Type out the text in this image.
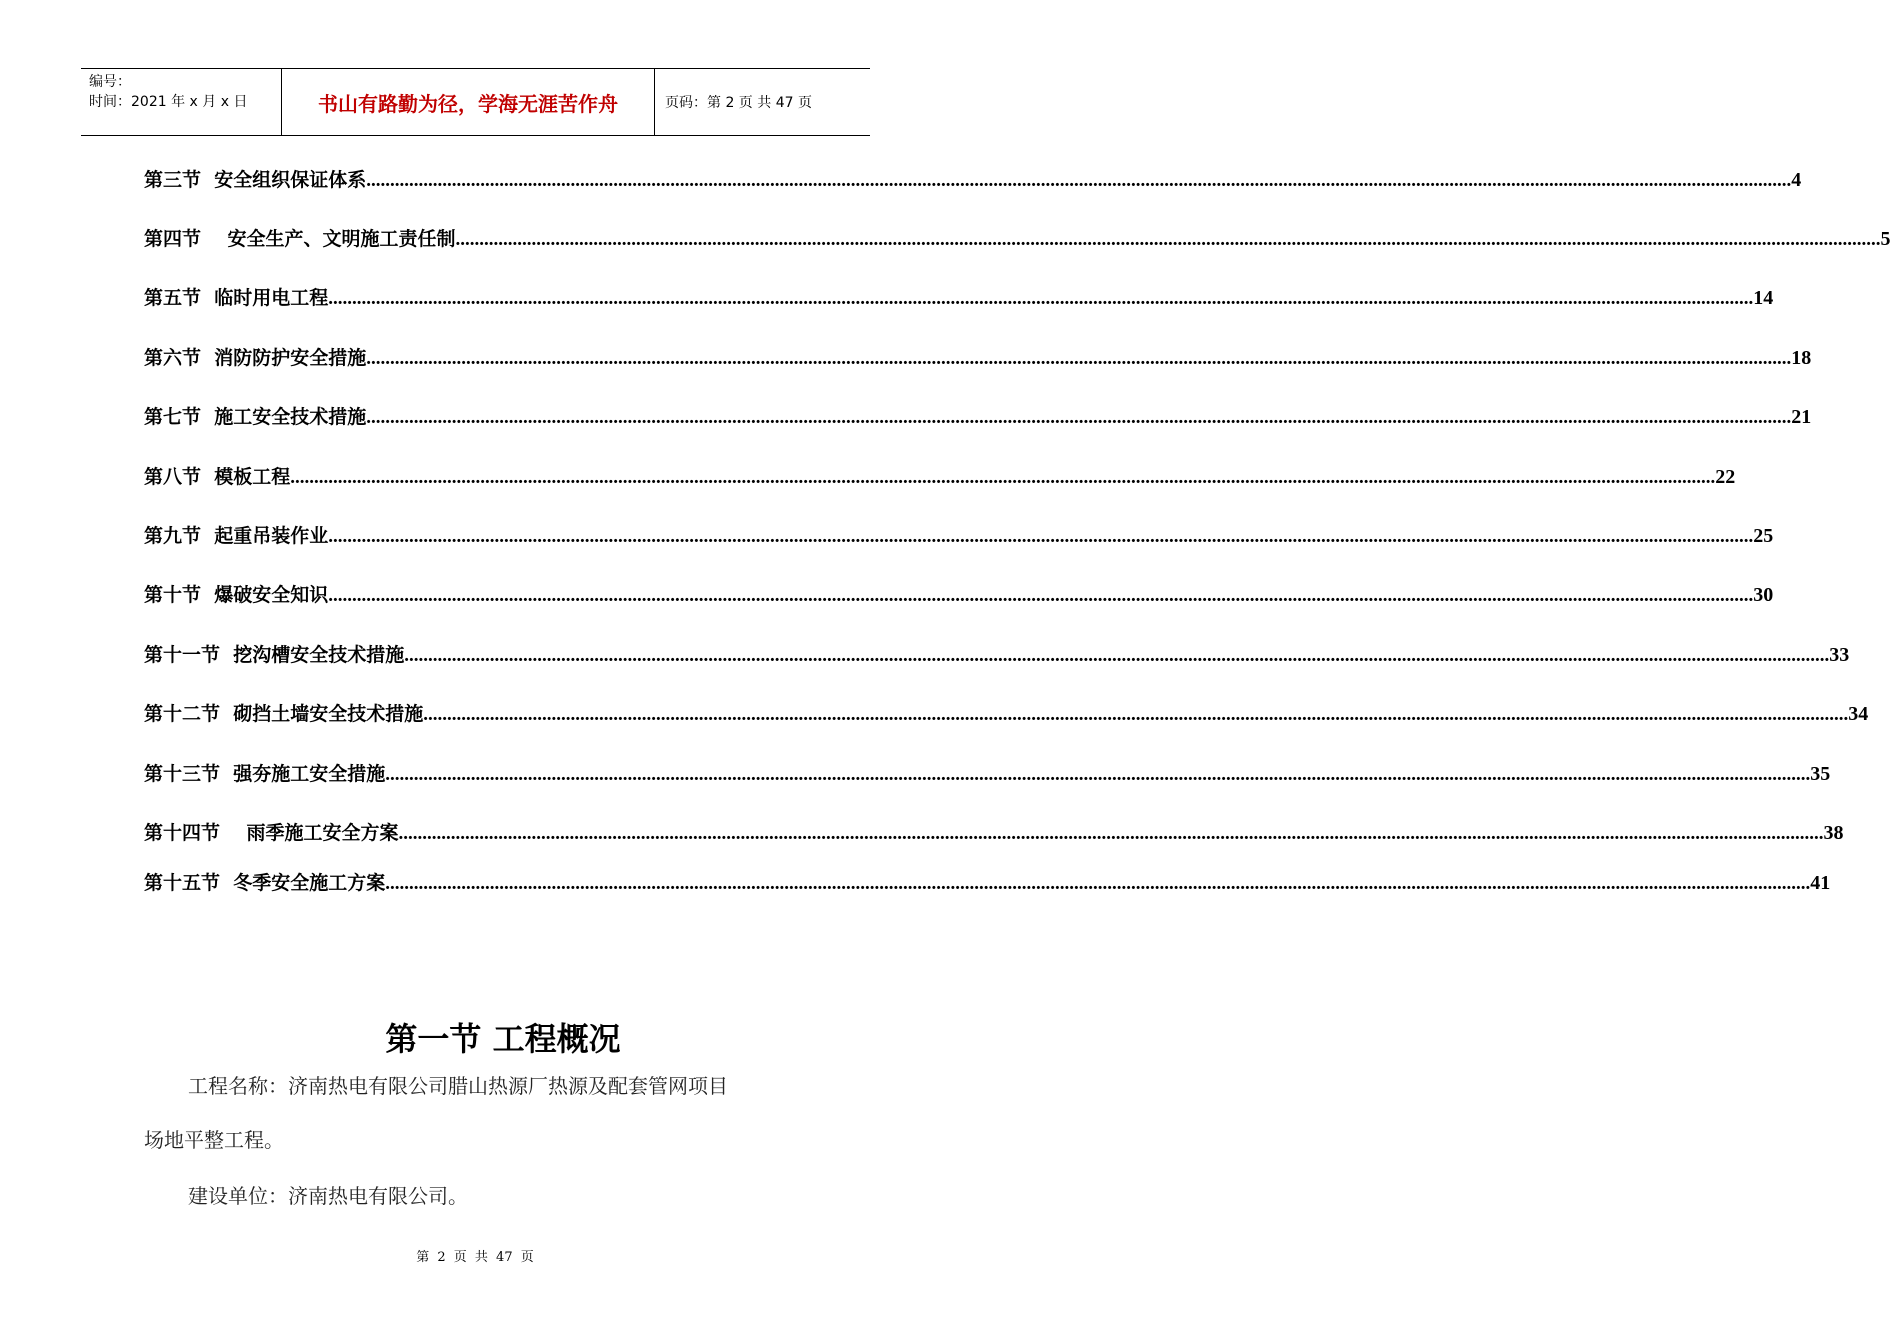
编号：
时间：2021 年 x 月 x 日	书山有路勤为径，学海无涯苦作舟	页码：第 2 页 共 47 页
第三节  安全组织保证体系 ............................................................................................................................................................................................................................................................................................................ 4
第四节    安全生产、文明施工责任制 ............................................................................................................................................................................................................................................................................................................ 5
第五节  临时用电工程 ............................................................................................................................................................................................................................................................................................................ 14
第六节  消防防护安全措施 ............................................................................................................................................................................................................................................................................................................ 18
第七节  施工安全技术措施 ............................................................................................................................................................................................................................................................................................................ 21
第八节  模板工程 ............................................................................................................................................................................................................................................................................................................ 22
第九节  起重吊装作业 ............................................................................................................................................................................................................................................................................................................ 25
第十节  爆破安全知识 ............................................................................................................................................................................................................................................................................................................ 30
第十一节  挖沟槽安全技术措施 ............................................................................................................................................................................................................................................................................................................ 33
第十二节  砌挡土墙安全技术措施 ............................................................................................................................................................................................................................................................................................................ 34
第十三节  强夯施工安全措施 ............................................................................................................................................................................................................................................................................................................ 35
第十四节    雨季施工安全方案 ............................................................................................................................................................................................................................................................................................................ 38
第十五节  冬季安全施工方案 ............................................................................................................................................................................................................................................................................................................ 41
第一节 工程概况
工程名称：济南热电有限公司腊山热源厂热源及配套管网项目
场地平整工程。
建设单位：济南热电有限公司。
第 2 页 共 47 页
